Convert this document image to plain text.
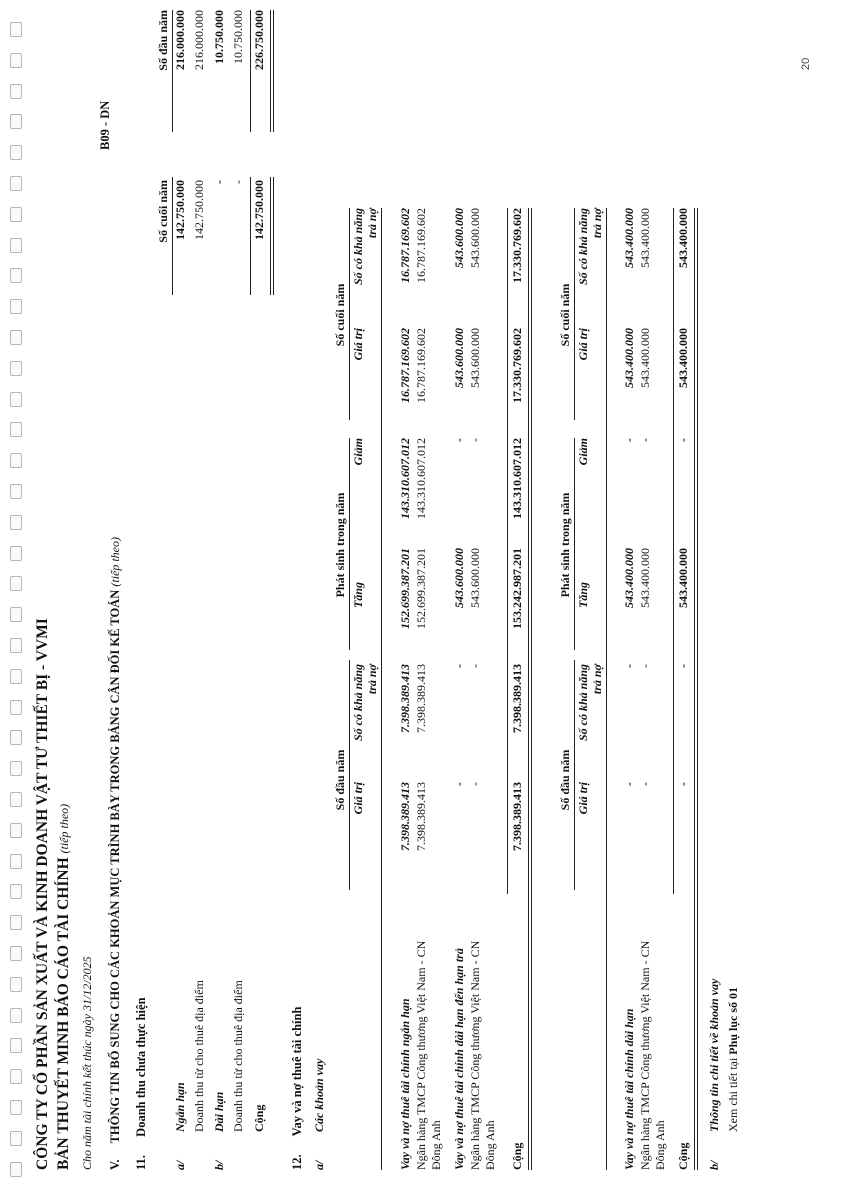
CÔNG TY CỔ PHẦN SẢN XUẤT VÀ KINH DOANH VẬT TƯ THIẾT BỊ - VVMI BẢN THUYẾT MINH BÁO CÁO TÀI CHÍNH (tiếp theo)
Cho năm tài chính kết thúc ngày 31/12/2025
B09 - DN
20
V.  THÔNG TIN BỔ SUNG CHO CÁC KHOẢN MỤC TRÌNH BÀY TRONG BẢNG CÂN ĐỐI KẾ TOÁN (tiếp theo)
11.  Doanh thu chưa thực hiện
Số cuối năm
Số đầu năm
a/
Ngắn hạn
142.750.000
216.000.000
Doanh thu từ cho thuê địa điểm
142.750.000
216.000.000
b/
Dài hạn
-
10.750.000
Doanh thu từ cho thuê địa điểm
-
10.750.000
Cộng
142.750.000
226.750.000
12.  Vay và nợ thuê tài chính
a/
Các khoản vay
Số đầu năm
Phát sinh trong năm
Số cuối năm
Giá trị
Số có khả năng trả nợ
Tăng
Giảm
Giá trị
Số có khả năng trả nợ
Vay và nợ thuê tài chính ngắn hạn
7.398.389.413
7.398.389.413
152.699.387.201
143.310.607.012
16.787.169.602
16.787.169.602
Ngân hàng TMCP Công thương Việt Nam - CN Đông Anh
7.398.389.413
7.398.389.413
152.699.387.201
143.310.607.012
16.787.169.602
16.787.169.602
Vay và nợ thuê tài chính dài hạn đến hạn trả
-
-
543.600.000
-
543.600.000
543.600.000
Ngân hàng TMCP Công thương Việt Nam - CN Đông Anh
-
-
543.600.000
-
543.600.000
543.600.000
Cộng
7.398.389.413
7.398.389.413
153.242.987.201
143.310.607.012
17.330.769.602
17.330.769.602
Số đầu năm
Phát sinh trong năm
Số cuối năm
Giá trị
Số có khả năng trả nợ
Tăng
Giảm
Giá trị
Số có khả năng trả nợ
Vay và nợ thuê tài chính dài hạn
-
-
543.400.000
-
543.400.000
543.400.000
Ngân hàng TMCP Công thương Việt Nam - CN Đông Anh
-
-
543.400.000
-
543.400.000
543.400.000
Cộng
-
-
543.400.000
-
543.400.000
543.400.000
b/
Thông tin chi tiết về khoản vay Xem chi tiết tại Phụ lục số 01
